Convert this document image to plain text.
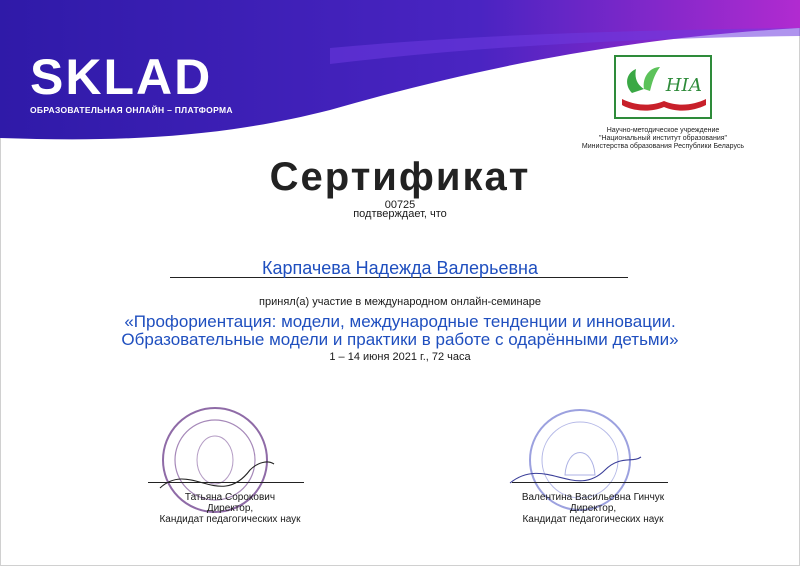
SKLAD
ОБРАЗОВАТЕЛЬНАЯ ОНЛАЙН – ПЛАТФОРМА
НІА
Научно-методическое учреждение
"Национальный институт образования"
Министерства образования Республики Беларусь
Сертификат
00725
подтверждает, что
Карпачева Надежда Валерьевна
принял(а) участие в международном онлайн-семинаре
«Профориентация: модели, международные тенденции и инновации.
Образовательные модели и практики в работе с одарёнными детьми»
1 – 14 июня 2021 г., 72 часа
Татьяна Сорокович
Директор,
Кандидат педагогических наук
Валентина Васильевна Гинчук
Директор,
Кандидат педагогических наук
